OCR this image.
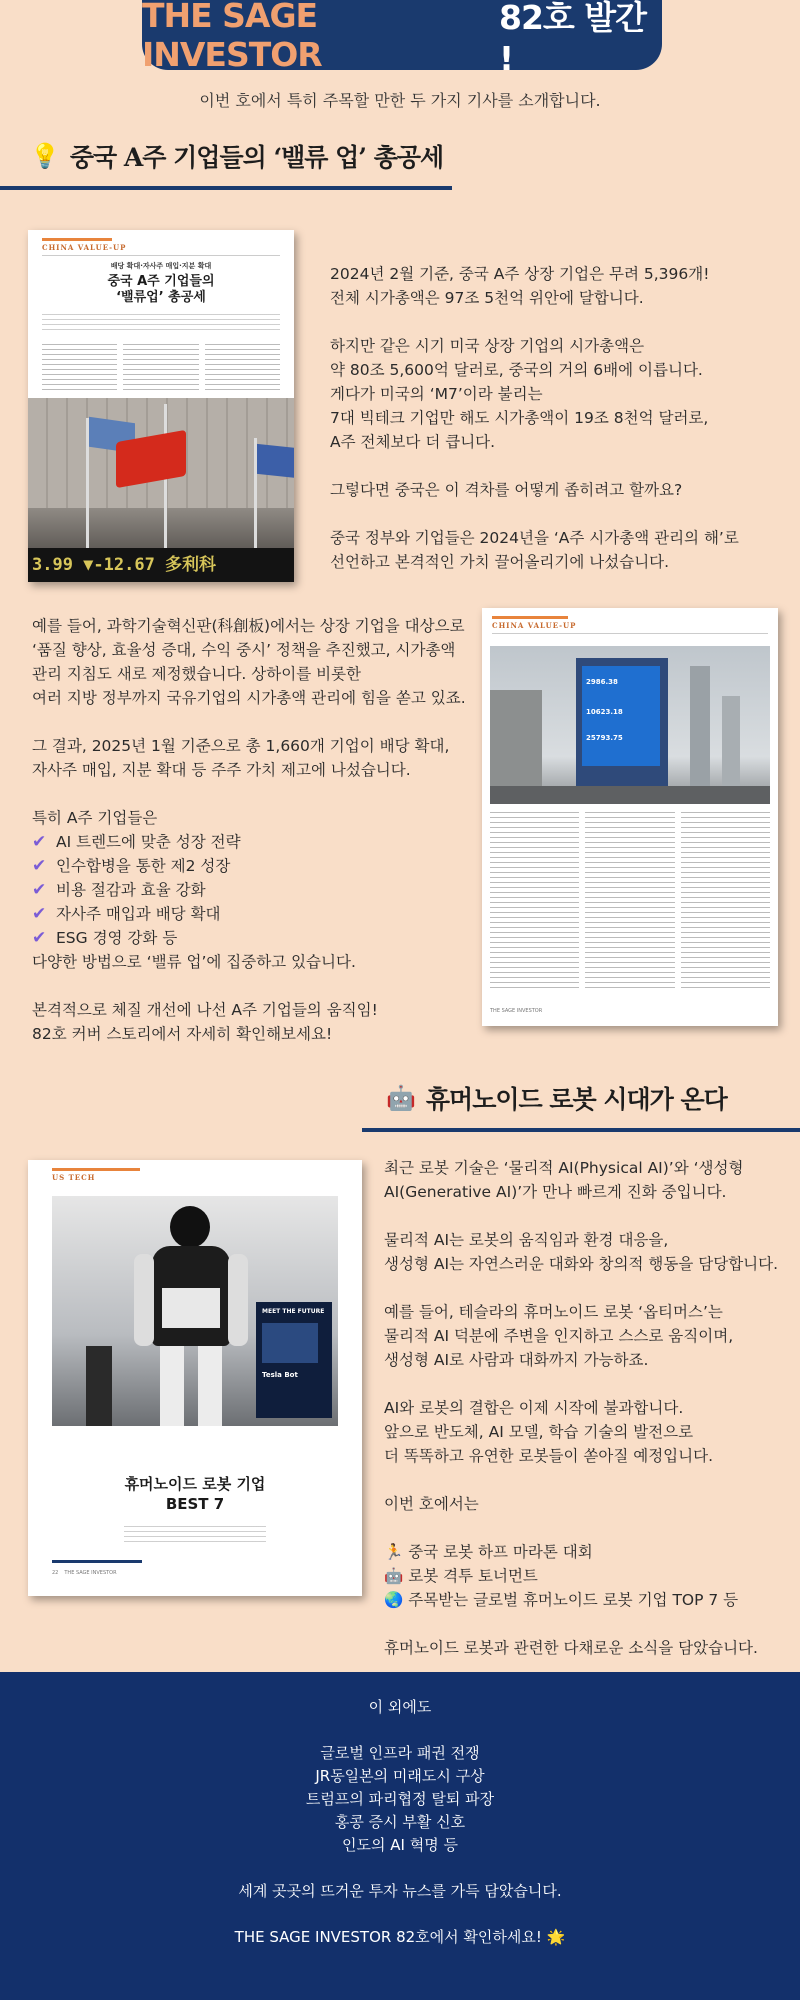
THE SAGE INVESTOR
82호 발간 !
이번 호에서 특히 주목할 만한 두 가지 기사를 소개합니다.
💡 중국 A주 기업들의 ‘밸류 업’ 총공세
CHINA VALUE-UP
배당 확대·자사주 매입·지분 확대
중국 A주 기업들의
‘밸류업’ 총공세
3.99 ▼-12.67 多利科

2024년 2월 기준, 중국 A주 상장 기업은 무려 5,396개!
전체 시가총액은 97조 5천억 위안에 달합니다.

하지만 같은 시기 미국 상장 기업의 시가총액은
약 80조 5,600억 달러로, 중국의 거의 6배에 이릅니다.
게다가 미국의 ‘M7’이라 불리는
7대 빅테크 기업만 해도 시가총액이 19조 8천억 달러로,
A주 전체보다 더 큽니다.

그렇다면 중국은 이 격차를 어떻게 좁히려고 할까요?

중국 정부와 기업들은 2024년을 ‘A주 시가총액 관리의 해’로
선언하고 본격적인 가치 끌어올리기에 나섰습니다.

예를 들어, 과학기술혁신판(科創板)에서는 상장 기업을 대상으로
‘품질 향상, 효율성 증대, 수익 중시’ 정책을 추진했고, 시가총액
관리 지침도 새로 제정했습니다. 상하이를 비롯한
여러 지방 정부까지 국유기업의 시가총액 관리에 힘을 쏟고 있죠.

그 결과, 2025년 1월 기준으로 총 1,660개 기업이 배당 확대,
자사주 매입, 지분 확대 등 주주 가치 제고에 나섰습니다.

특히 A주 기업들은
✔ AI 트렌드에 맞춘 성장 전략
✔ 인수합병을 통한 제2 성장
✔ 비용 절감과 효율 강화
✔ 자사주 매입과 배당 확대
✔ ESG 경영 강화 등
다양한 방법으로 ‘밸류 업’에 집중하고 있습니다.

본격적으로 체질 개선에 나선 A주 기업들의 움직임!
82호 커버 스토리에서 자세히 확인해보세요!

CHINA VALUE-UP
2986.38
10623.18
25793.75
THE SAGE INVESTOR
🤖 휴머노이드 로봇 시대가 온다
US TECH
MEET THE FUTURE
Tesla Bot
휴머노이드 로봇 기업
BEST 7
22 THE SAGE INVESTOR

최근 로봇 기술은 ‘물리적 AI(Physical AI)’와 ‘생성형
AI(Generative AI)’가 만나 빠르게 진화 중입니다.

물리적 AI는 로봇의 움직임과 환경 대응을,
생성형 AI는 자연스러운 대화와 창의적 행동을 담당합니다.

예를 들어, 테슬라의 휴머노이드 로봇 ‘옵티머스’는
물리적 AI 덕분에 주변을 인지하고 스스로 움직이며,
생성형 AI로 사람과 대화까지 가능하죠.

AI와 로봇의 결합은 이제 시작에 불과합니다.
앞으로 반도체, AI 모델, 학습 기술의 발전으로
더 똑똑하고 유연한 로봇들이 쏟아질 예정입니다.

이번 호에서는

🏃 중국 로봇 하프 마라톤 대회
🤖 로봇 격투 토너먼트
🌏 주목받는 글로벌 휴머노이드 로봇 기업 TOP 7 등

휴머노이드 로봇과 관련한 다채로운 소식을 담았습니다.

이 외에도
글로벌 인프라 패권 전쟁
JR동일본의 미래도시 구상
트럼프의 파리협정 탈퇴 파장
홍콩 증시 부활 신호
인도의 AI 혁명 등
세계 곳곳의 뜨거운 투자 뉴스를 가득 담았습니다.
THE SAGE INVESTOR 82호에서 확인하세요! 🌟
